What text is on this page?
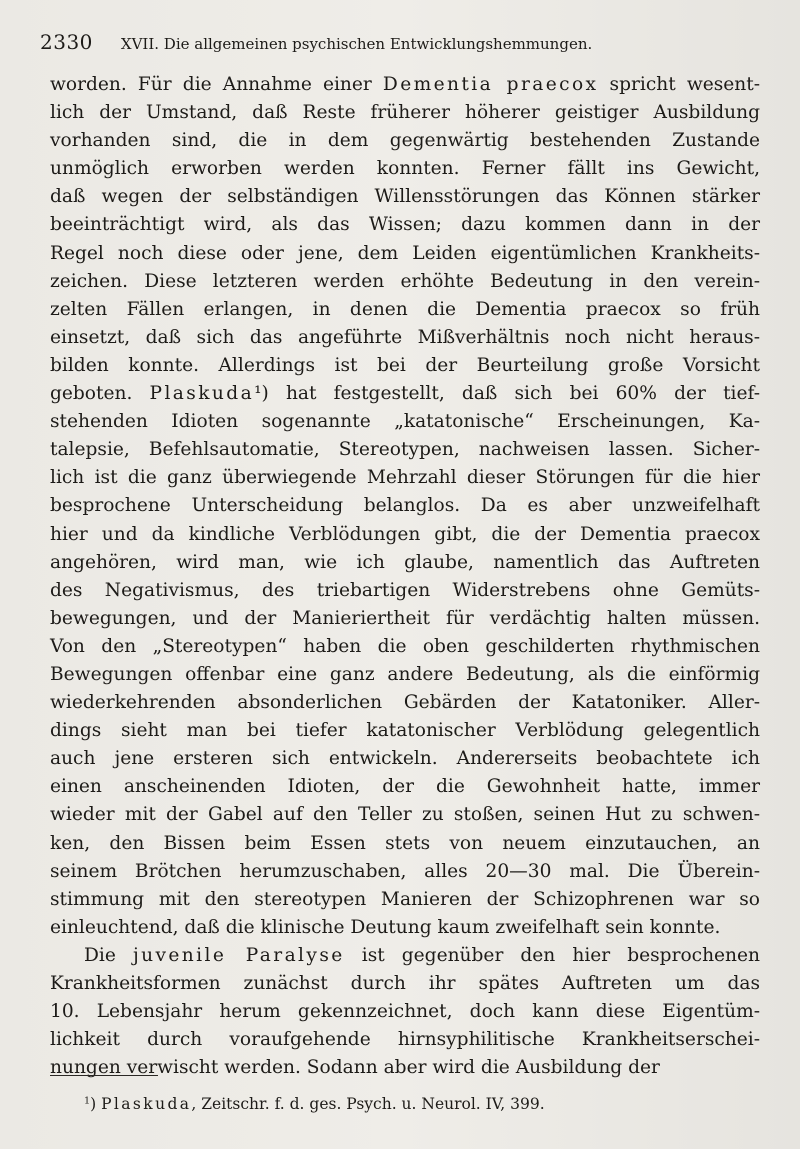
2330 XVII. Die allgemeinen psychischen Entwicklungshemmungen.
worden. Für die Annahme einer Dementia praecox spricht wesent-
lich der Umstand, daß Reste früherer höherer geistiger Ausbildung
vorhanden sind, die in dem gegenwärtig bestehenden Zustande
unmöglich erworben werden konnten. Ferner fällt ins Gewicht,
daß wegen der selbständigen Willensstörungen das Können stärker
beeinträchtigt wird, als das Wissen; dazu kommen dann in der
Regel noch diese oder jene, dem Leiden eigentümlichen Krankheits-
zeichen. Diese letzteren werden erhöhte Bedeutung in den verein-
zelten Fällen erlangen, in denen die Dementia praecox so früh
einsetzt, daß sich das angeführte Mißverhältnis noch nicht heraus-
bilden konnte. Allerdings ist bei der Beurteilung große Vorsicht
geboten. Plaskuda¹) hat festgestellt, daß sich bei 60% der tief-
stehenden Idioten sogenannte „katatonische“ Erscheinungen, Ka-
talepsie, Befehlsautomatie, Stereotypen, nachweisen lassen. Sicher-
lich ist die ganz überwiegende Mehrzahl dieser Störungen für die hier
besprochene Unterscheidung belanglos. Da es aber unzweifelhaft
hier und da kindliche Verblödungen gibt, die der Dementia praecox
angehören, wird man, wie ich glaube, namentlich das Auftreten
des Negativismus, des triebartigen Widerstrebens ohne Gemüts-
bewegungen, und der Manieriertheit für verdächtig halten müssen.
Von den „Stereotypen“ haben die oben geschilderten rhythmischen
Bewegungen offenbar eine ganz andere Bedeutung, als die einförmig
wiederkehrenden absonderlichen Gebärden der Katatoniker. Aller-
dings sieht man bei tiefer katatonischer Verblödung gelegentlich
auch jene ersteren sich entwickeln. Andererseits beobachtete ich
einen anscheinenden Idioten, der die Gewohnheit hatte, immer
wieder mit der Gabel auf den Teller zu stoßen, seinen Hut zu schwen-
ken, den Bissen beim Essen stets von neuem einzutauchen, an
seinem Brötchen herumzuschaben, alles 20—30 mal. Die Überein-
stimmung mit den stereotypen Manieren der Schizophrenen war so
einleuchtend, daß die klinische Deutung kaum zweifelhaft sein konnte.
Die juvenile Paralyse ist gegenüber den hier besprochenen
Krankheitsformen zunächst durch ihr spätes Auftreten um das
10. Lebensjahr herum gekennzeichnet, doch kann diese Eigentüm-
lichkeit durch voraufgehende hirnsyphilitische Krankheitserschei-
nungen verwischt werden. Sodann aber wird die Ausbildung der
$^1$) Plaskuda, Zeitschr. f. d. ges. Psych. u. Neurol. IV, 399.
